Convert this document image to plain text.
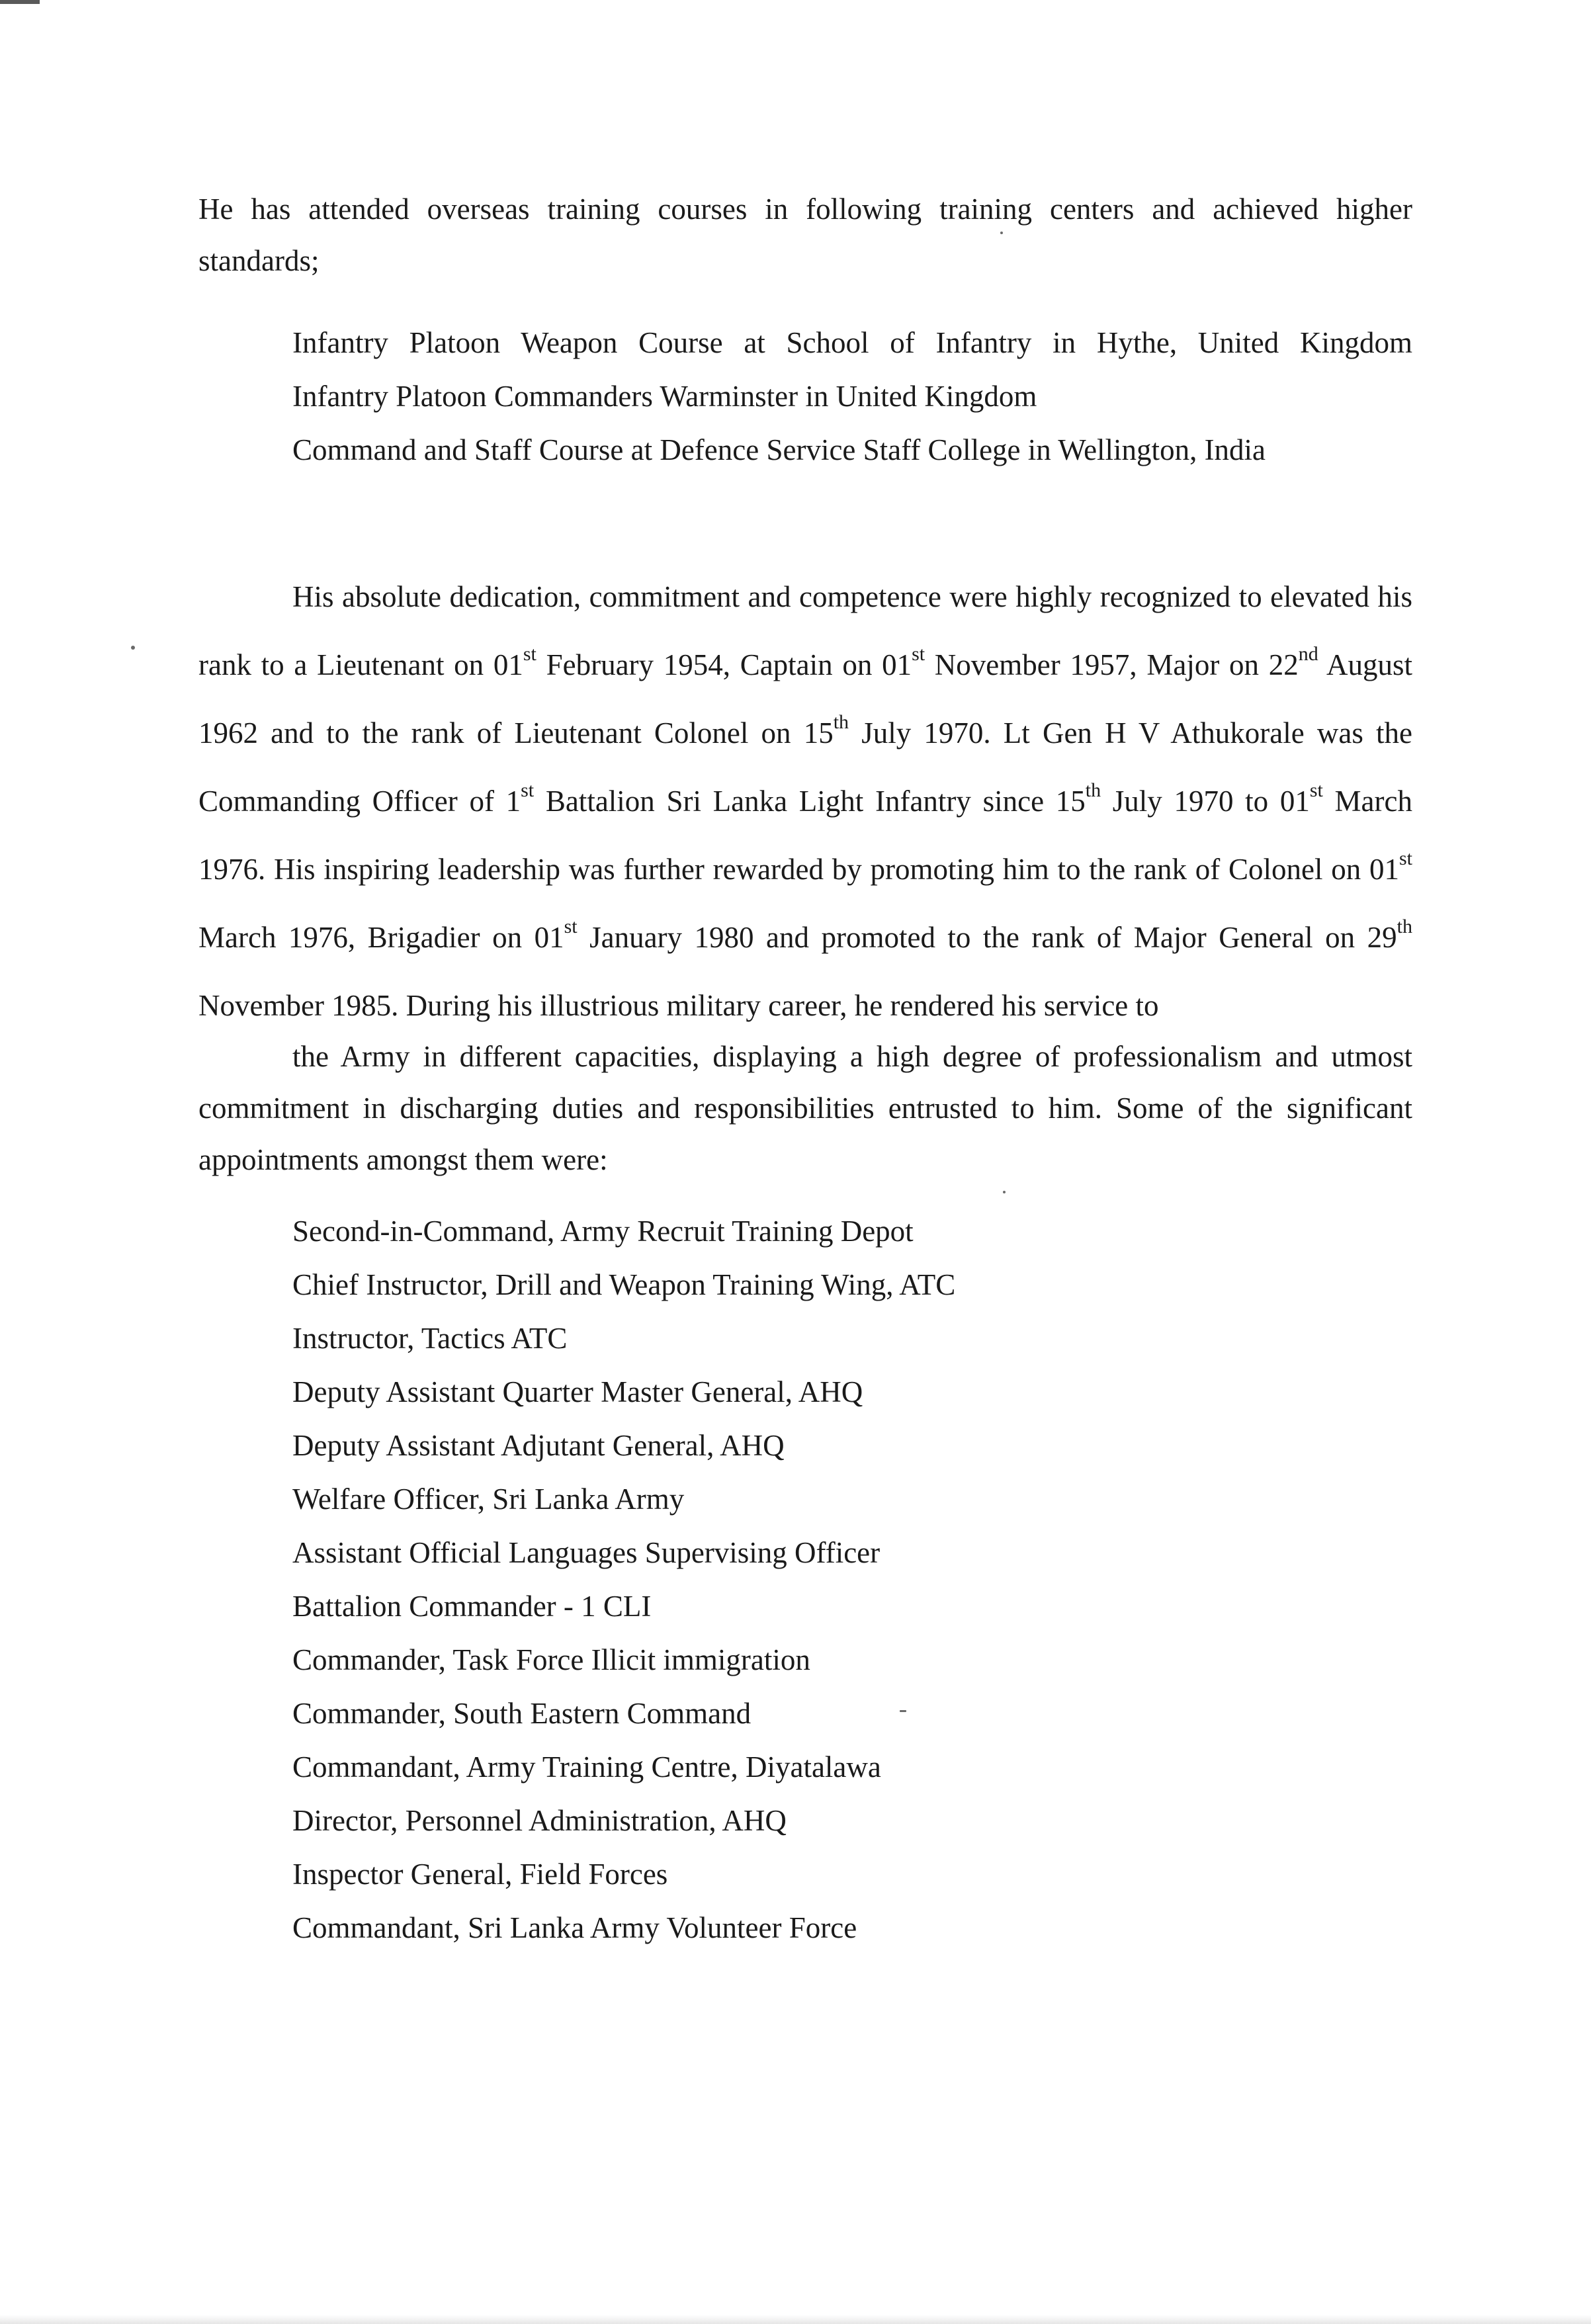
He has attended overseas training courses in following training centers and achieved higher standards;

Infantry Platoon Weapon Course at School of Infantry in Hythe, United Kingdom
Infantry Platoon Commanders Warminster in United Kingdom
Command and Staff Course at Defence Service Staff College in Wellington, India

His absolute dedication, commitment and competence were highly recognized to elevated his rank to a Lieutenant on 01st February 1954, Captain on 01st November 1957, Major on 22nd August 1962 and to the rank of Lieutenant Colonel on 15th July 1970. Lt Gen H V Athukorale was the Commanding Officer of 1st Battalion Sri Lanka Light Infantry since 15th July 1970 to 01st March 1976. His inspiring leadership was further rewarded by promoting him to the rank of Colonel on 01st March 1976, Brigadier on 01st January 1980 and promoted to the rank of Major General on 29th November 1985. During his illustrious military career, he rendered his service to
the Army in different capacities, displaying a high degree of professionalism and utmost commitment in discharging duties and responsibilities entrusted to him. Some of the significant appointments amongst them were:

Second-in-Command, Army Recruit Training Depot
Chief Instructor, Drill and Weapon Training Wing, ATC
Instructor, Tactics ATC
Deputy Assistant Quarter Master General, AHQ
Deputy Assistant Adjutant General, AHQ
Welfare Officer, Sri Lanka Army
Assistant Official Languages Supervising Officer
Battalion Commander - 1 CLI
Commander, Task Force Illicit immigration
Commander, South Eastern Command
Commandant, Army Training Centre, Diyatalawa
Director, Personnel Administration, AHQ
Inspector General, Field Forces
Commandant, Sri Lanka Army Volunteer Force
